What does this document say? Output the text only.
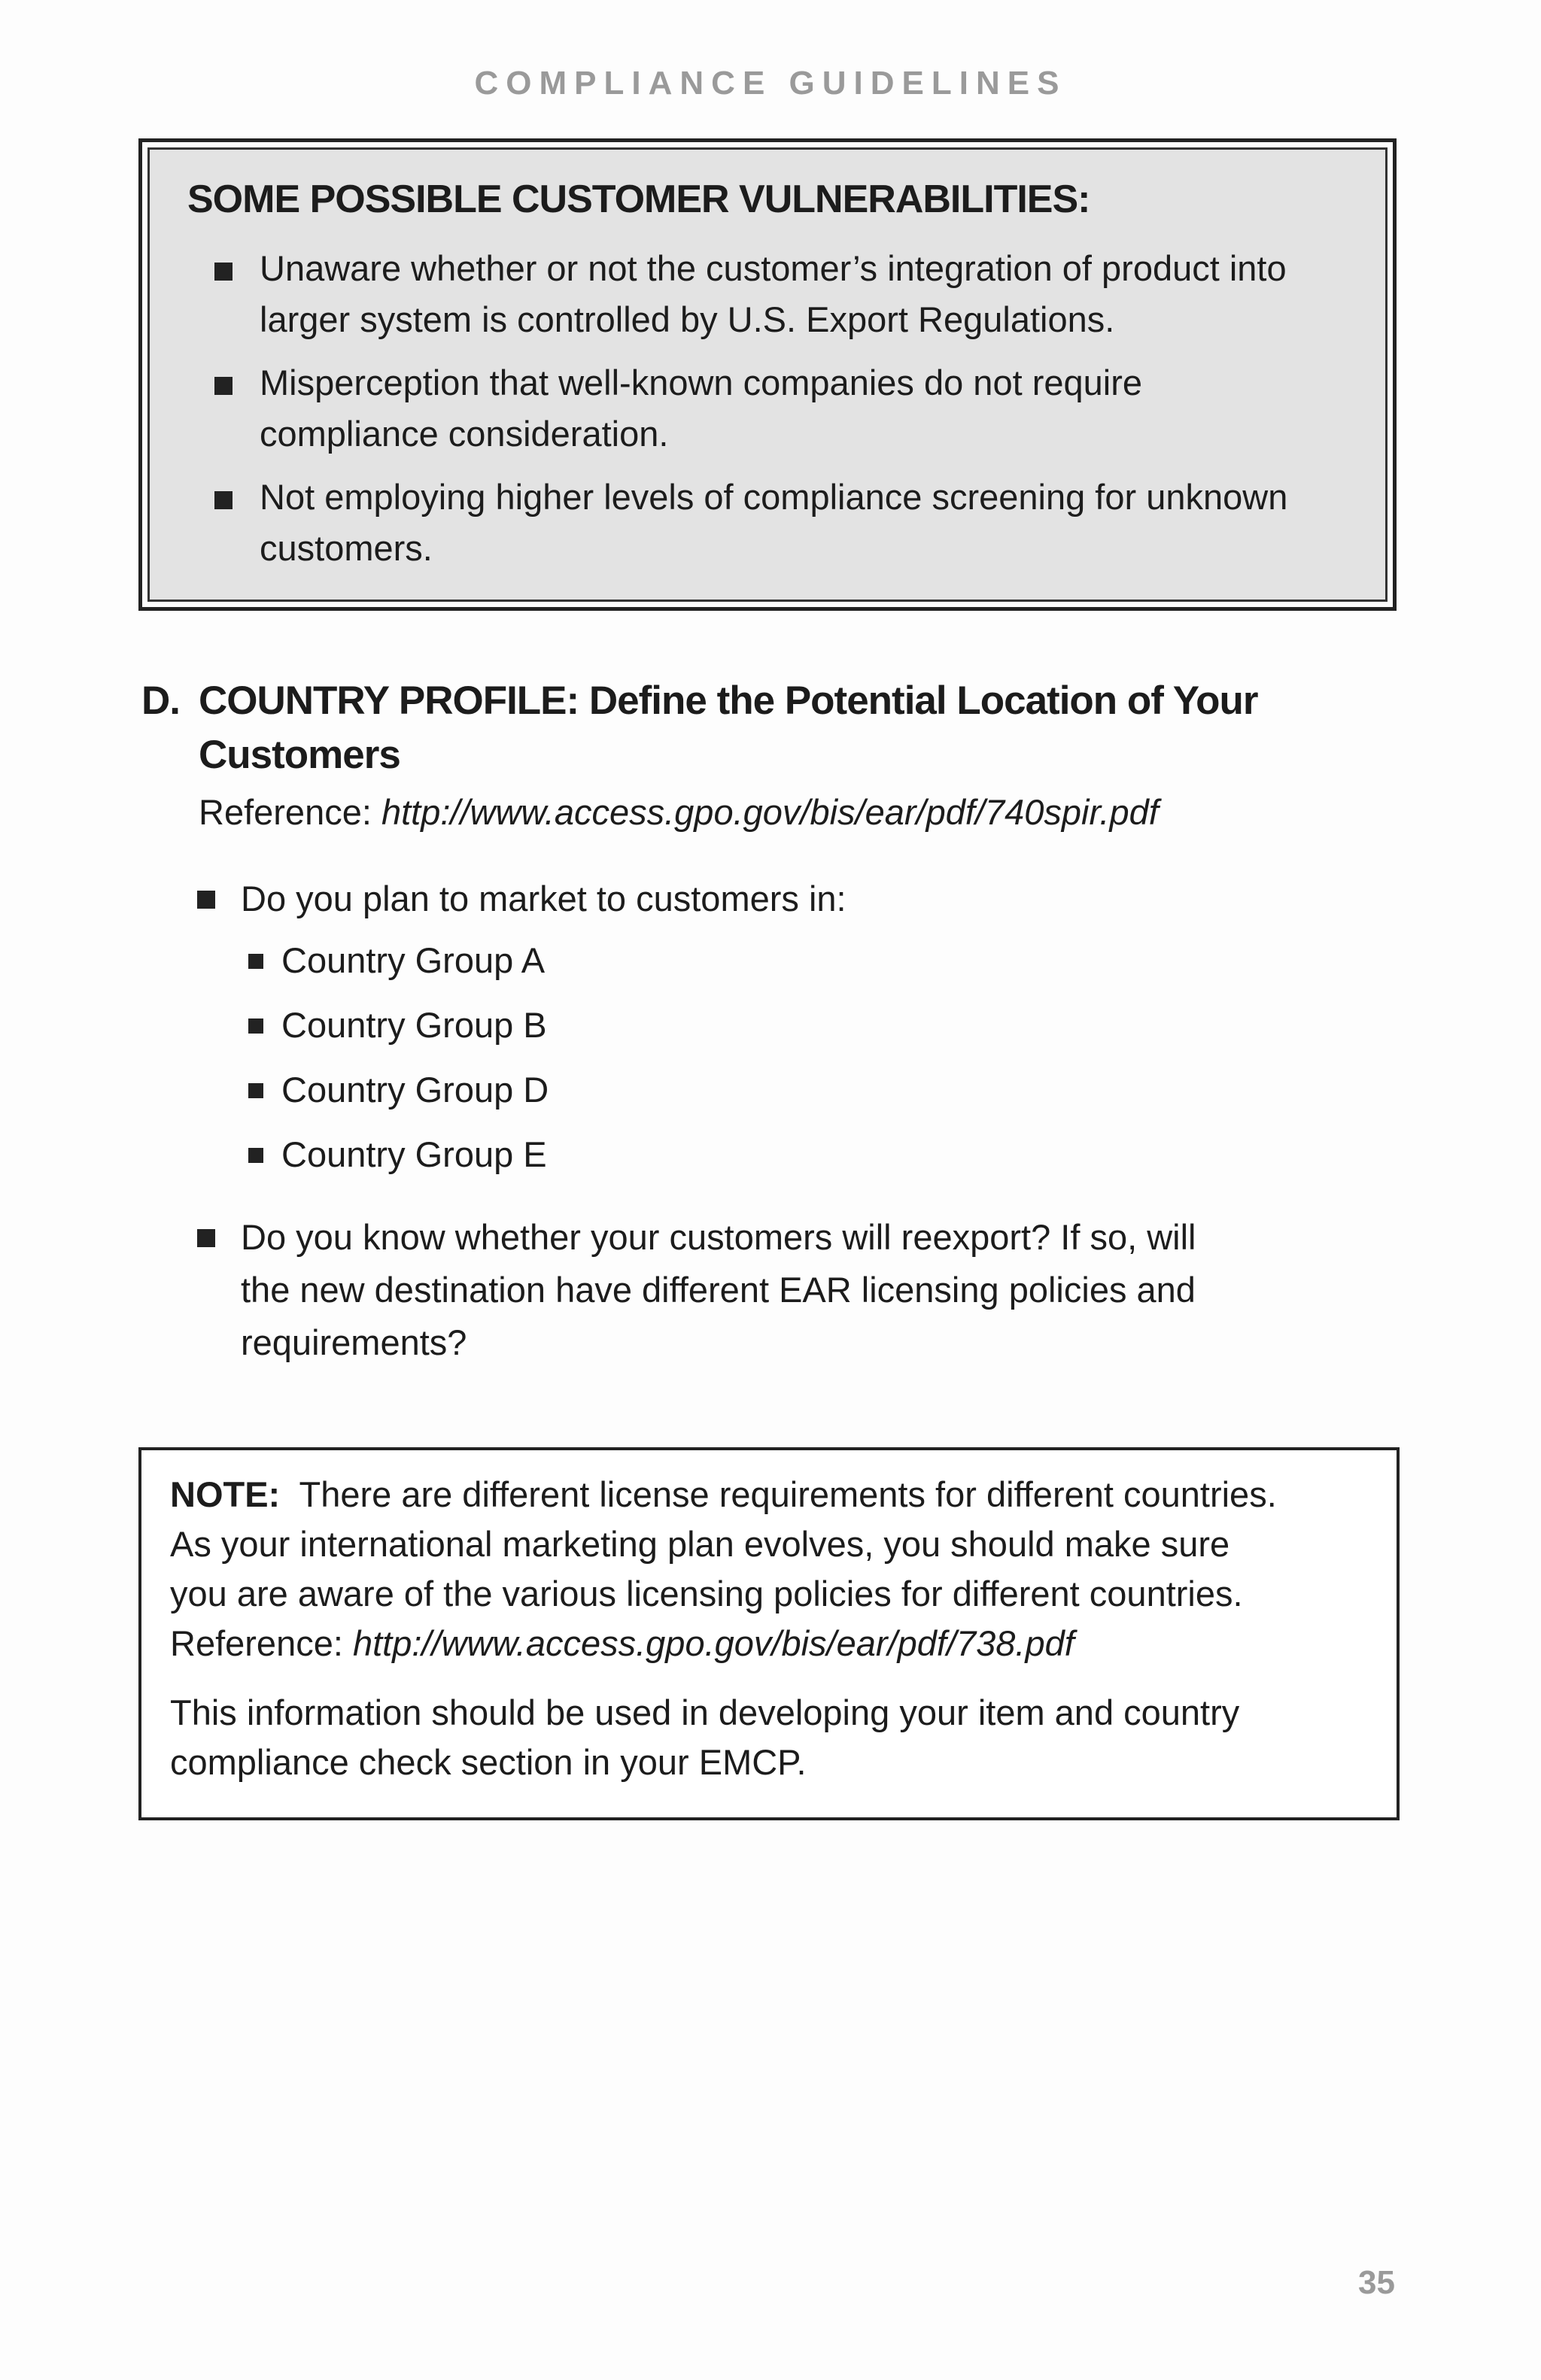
COMPLIANCE GUIDELINES
SOME POSSIBLE CUSTOMER VULNERABILITIES:
Unaware whether or not the customer’s integration of product into
larger system is controlled by U.S. Export Regulations.
Misperception that well-known companies do not require
compliance consideration.
Not employing higher levels of compliance screening for unknown
customers.
D. COUNTRY PROFILE: Define the Potential Location of Your
Customers
Reference: http://www.access.gpo.gov/bis/ear/pdf/740spir.pdf
Do you plan to market to customers in:
Country Group A
Country Group B
Country Group D
Country Group E
Do you know whether your customers will reexport? If so, will
the new destination have different EAR licensing policies and
requirements?

NOTE:  There are different license requirements for different countries.
As your international marketing plan evolves, you should make sure
you are aware of the various licensing policies for different countries.
Reference: http://www.access.gpo.gov/bis/ear/pdf/738.pdf

This information should be used in developing your item and country
compliance check section in your EMCP.

35
